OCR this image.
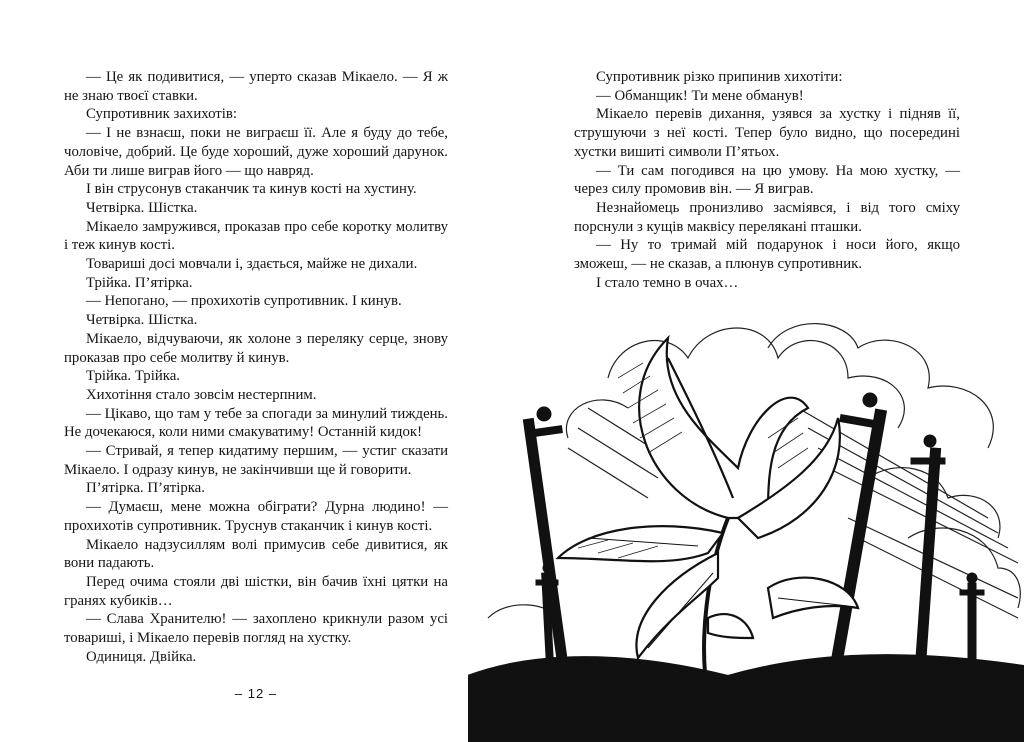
— Це як подивитися, — уперто сказав Мікаело. — Я ж не знаю твоєї ставки.

Супротивник захихотів:

— І не взнаєш, поки не виграєш її. Але я буду до тебе, чоловіче, добрий. Це буде хороший, дуже хороший дарунок. Аби ти лише виграв його — що навряд.

І він струсонув стаканчик та кинув кості на хустину.

Четвірка. Шістка.

Мікаело замружився, проказав про себе коротку молитву і теж кинув кості.

Товариші досі мовчали і, здається, майже не дихали.

Трійка. П’ятірка.

— Непогано, — прохихотів супротивник. І кинув.

Четвірка. Шістка.

Мікаело, відчуваючи, як холоне з переляку серце, знову проказав про себе молитву й кинув.

Трійка. Трійка.

Хихотіння стало зовсім нестерпним.

— Цікаво, що там у тебе за спогади за минулий тиждень. Не дочекаюся, коли ними смакуватиму! Останній кидок!

— Стривай, я тепер кидатиму першим, — устиг сказати Мікаело. І одразу кинув, не закінчивши ще й говорити.

П’ятірка. П’ятірка.

— Думаєш, мене можна обіграти? Дурна людино! — прохихотів супротивник. Труснув стаканчик і кинув кості.

Мікаело надзусиллям волі примусив себе дивитися, як вони падають.

Перед очима стояли дві шістки, він бачив їхні цятки на гранях кубиків…

— Слава Хранителю! — захоплено крикнули разом усі товариші, і Мікаело перевів погляд на хустку.

Одиниця. Двійка.

– 12 –

Супротивник різко припинив хихотіти:

— Обманщик! Ти мене обманув!

Мікаело перевів дихання, узявся за хустку і підняв її, струшуючи з неї кості. Тепер було видно, що посередині хустки вишиті символи П’ятьох.

— Ти сам погодився на цю умову. На мою хустку, — через силу промовив він. — Я виграв.

Незнайомець пронизливо засміявся, і від того сміху порснули з кущів маквісу перелякані пташки.

— Ну то тримай мій подарунок і носи його, якщо зможеш, — не сказав, а плюнув супротивник.

І стало темно в очах…
